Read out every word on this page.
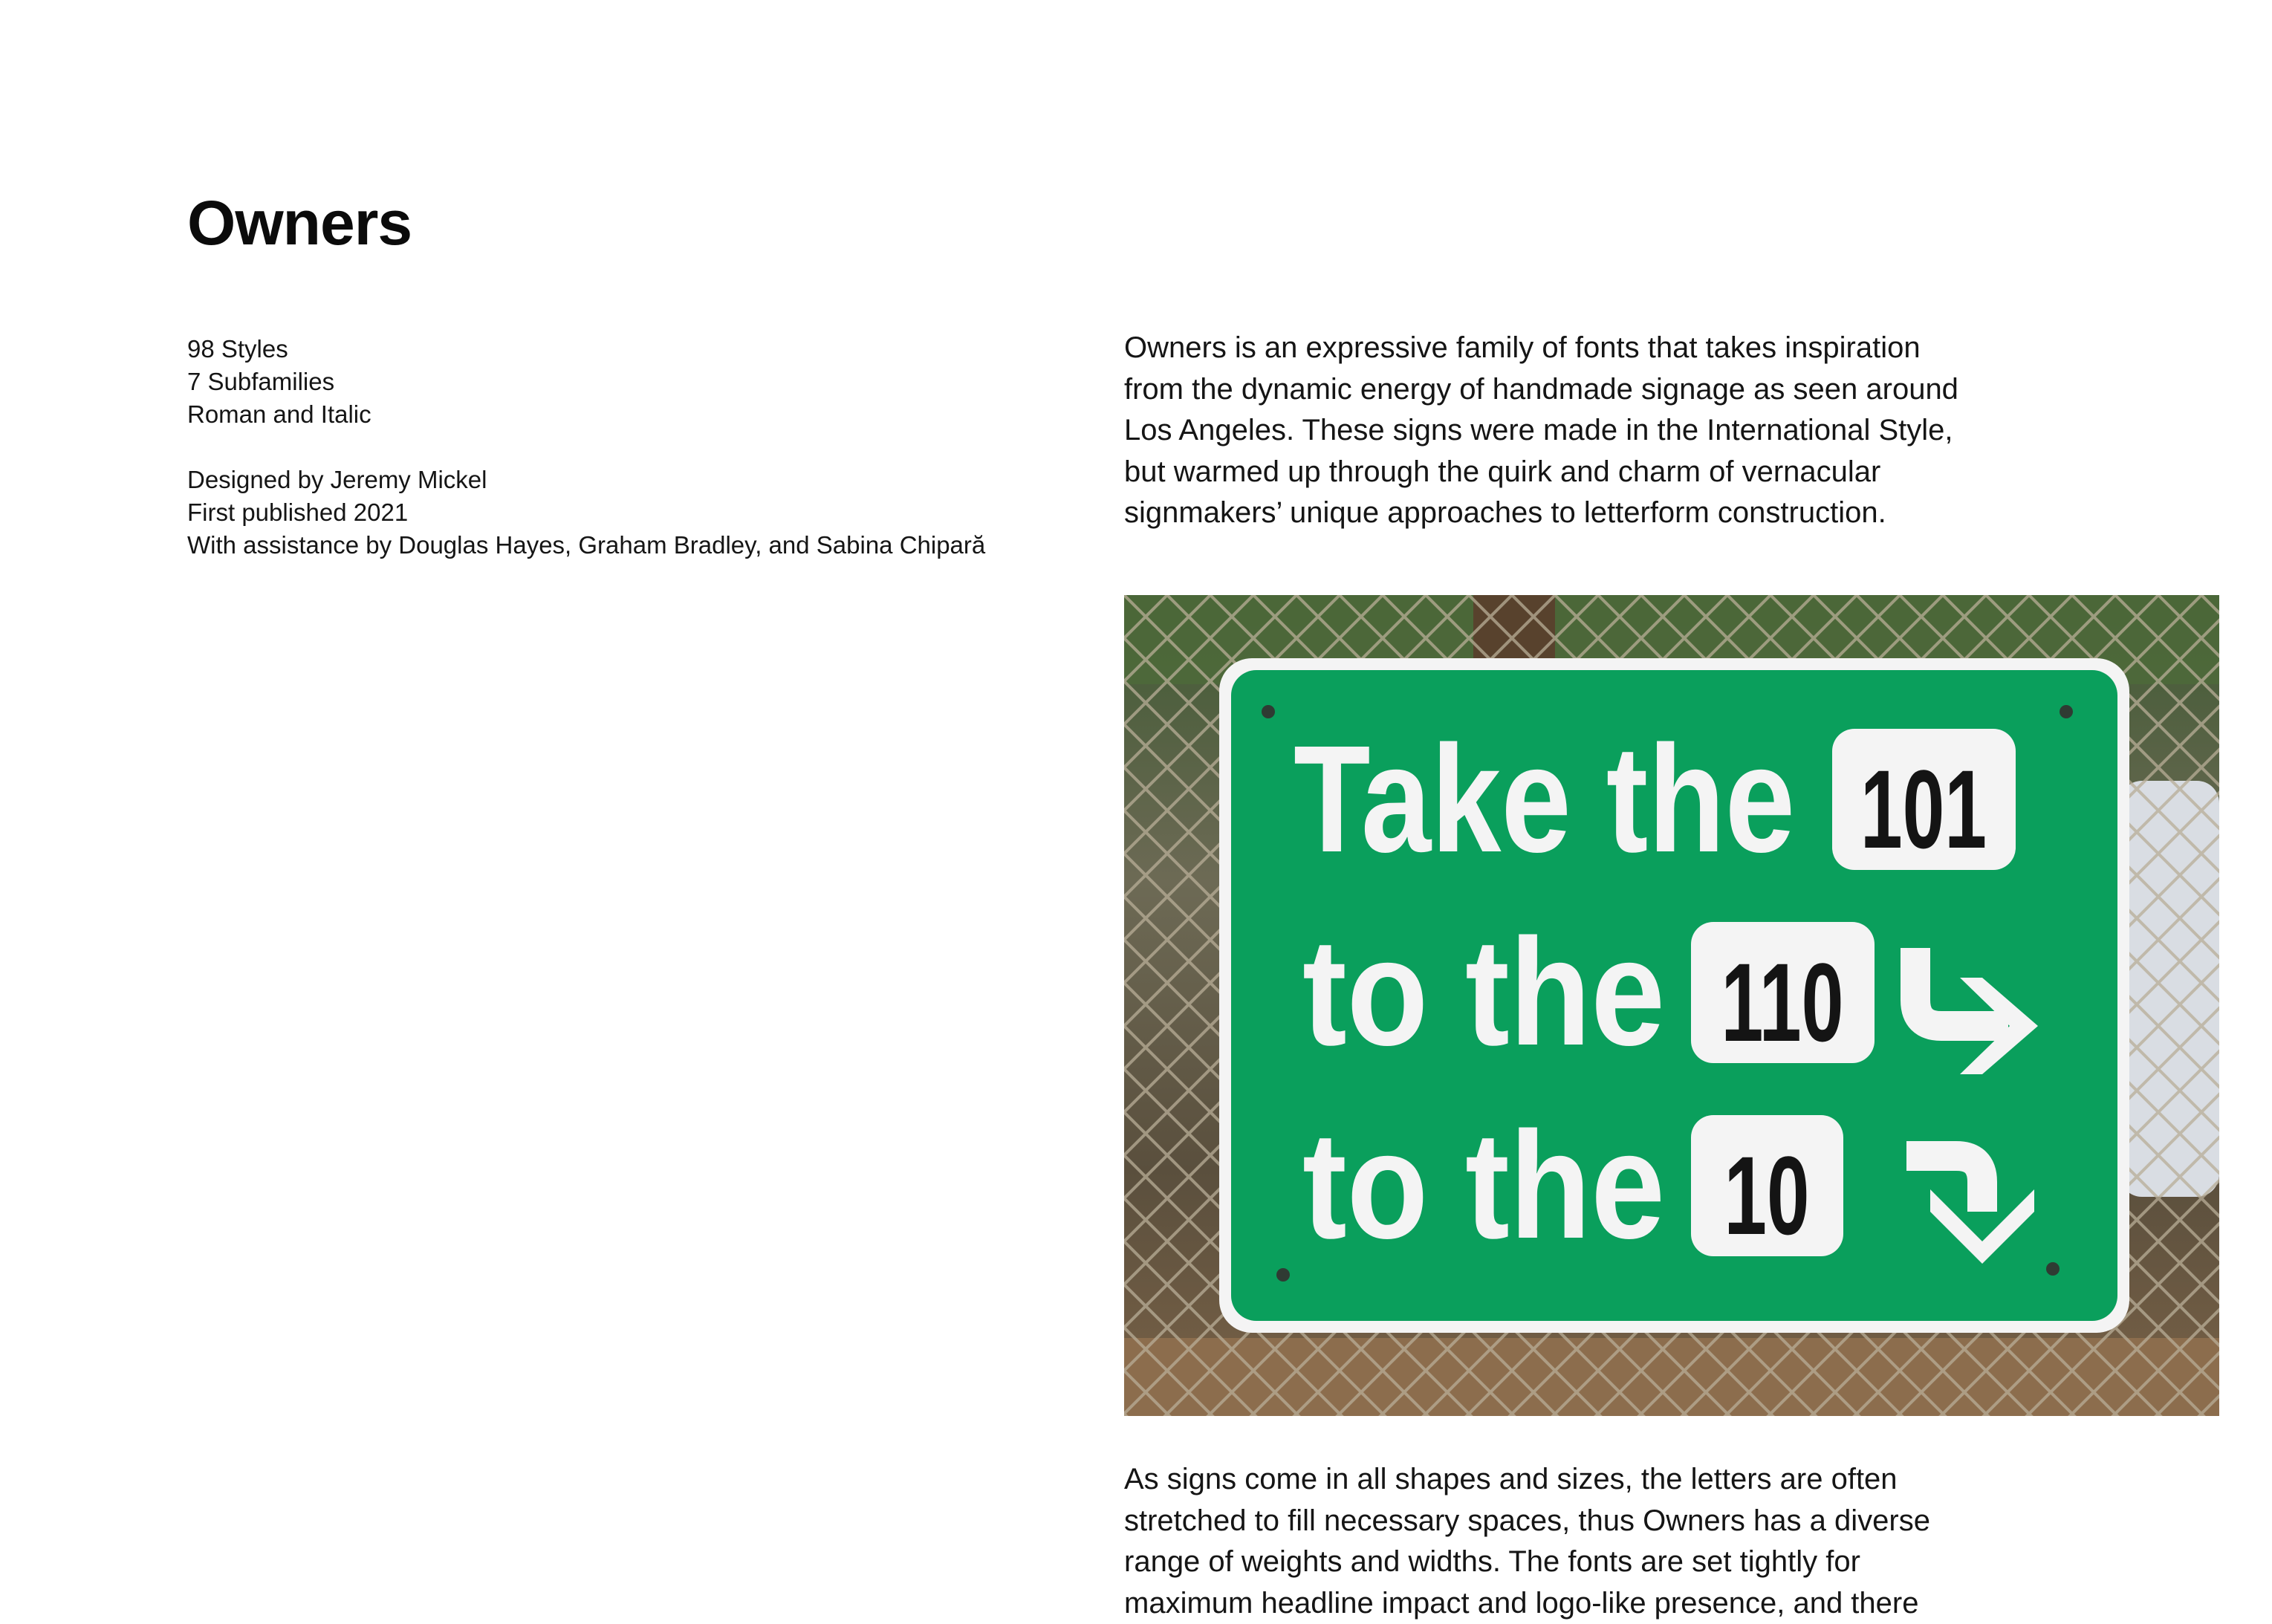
Owners
98 Styles
7 Subfamilies
Roman and Italic
Designed by Jeremy Mickel
First published 2021
With assistance by Douglas Hayes, Graham Bradley, and Sabina Chipară
Owners is an expressive family of fonts that takes inspiration
from the dynamic energy of handmade signage as seen around
Los Angeles. These signs were made in the International Style,
but warmed up through the quirk and charm of vernacular
signmakers’ unique approaches to letterform construction.
Take the 101
to the 110
to the 10
As signs come in all shapes and sizes, the letters are often
stretched to fill necessary spaces, thus Owners has a diverse
range of weights and widths. The fonts are set tightly for
maximum headline impact and logo-like presence, and there
